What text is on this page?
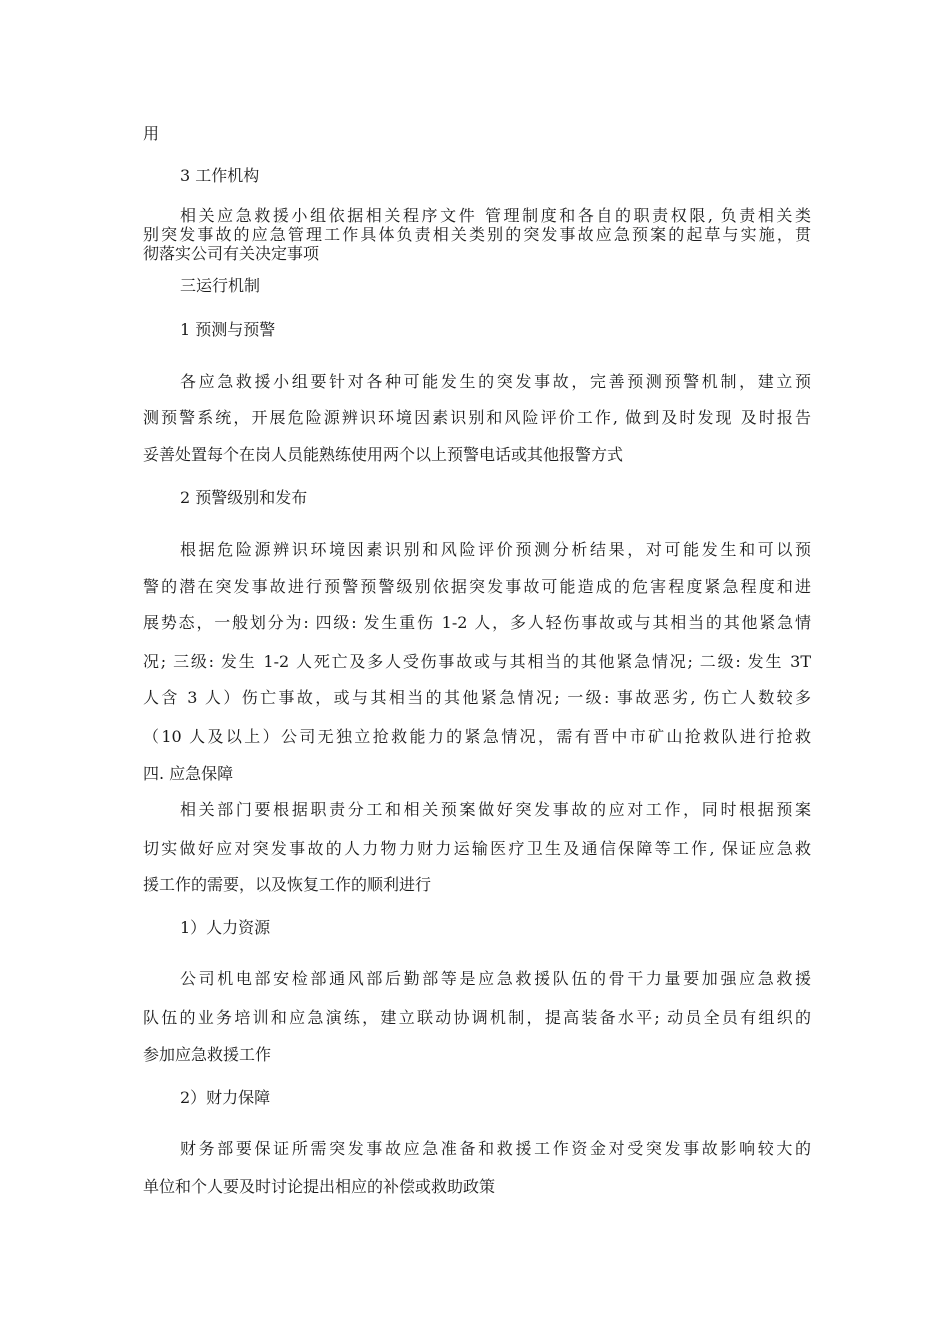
用
3 工作机构
相关应急救援小组依据相关程序文件 管理制度和各自的职责权限, 负责相关类
别突发事故的应急管理工作具体负责相关类别的突发事故应急预案的起草与实施，贯
彻落实公司有关决定事项
三运行机制
1 预测与预警
各应急救援小组要针对各种可能发生的突发事故，完善预测预警机制，建立预
测预警系统，开展危险源辨识环境因素识别和风险评价工作, 做到及时发现 及时报告
妥善处置每个在岗人员能熟练使用两个以上预警电话或其他报警方式
2 预警级别和发布
根据危险源辨识环境因素识别和风险评价预测分析结果，对可能发生和可以预
警的潜在突发事故进行预警预警级别依据突发事故可能造成的危害程度紧急程度和进
展势态，一般划分为: 四级: 发生重伤 1-2 人，多人轻伤事故或与其相当的其他紧急情
况; 三级: 发生 1-2 人死亡及多人受伤事故或与其相当的其他紧急情况; 二级: 发生 3T
人含 3 人）伤亡事故，或与其相当的其他紧急情况; 一级: 事故恶劣, 伤亡人数较多
（10 人及以上）公司无独立抢救能力的紧急情况，需有晋中市矿山抢救队进行抢救
四. 应急保障
相关部门要根据职责分工和相关预案做好突发事故的应对工作，同时根据预案
切实做好应对突发事故的人力物力财力运输医疗卫生及通信保障等工作, 保证应急救
援工作的需要，以及恢复工作的顺利进行
1）人力资源
公司机电部安检部通风部后勤部等是应急救援队伍的骨干力量要加强应急救援
队伍的业务培训和应急演练，建立联动协调机制，提高装备水平; 动员全员有组织的
参加应急救援工作
2）财力保障
财务部要保证所需突发事故应急准备和救援工作资金对受突发事故影响较大的
单位和个人要及时讨论提出相应的补偿或救助政策
